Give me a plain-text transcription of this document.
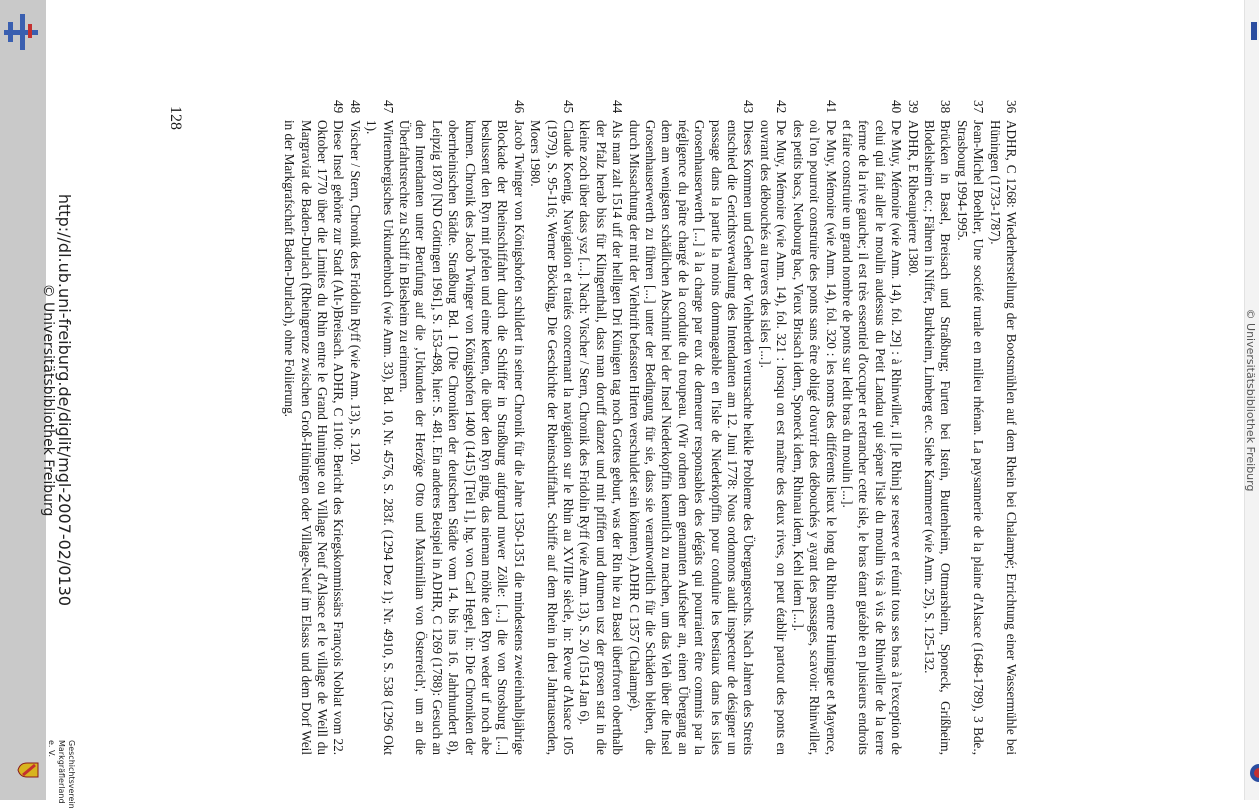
© Universitätsbibliothek Freiburg

36
ADHR, C 1268: Wiederherstellung der Bootsmühlen auf dem Rhein bei Chalampé; Errichtung einer Wassermühle bei Hüningen (1733-1787).

37
Jean-Michel Boehler, Une société rurale en milieu rhénan. La paysannerie de la plaine d'Alsace (1648-1789), 3 Bde., Strasbourg 1994-1995.

38
Brücken in Basel, Breisach und Straßburg; Furten bei Istein, Buttenheim, Ottmarsheim, Sponeck, Grißheim, Blodelsheim etc.; Fähren in Niffer, Burkheim, Limberg etc. Siehe Kammerer (wie Anm. 25), S. 125-132.

39
ADHR, E Ribeaupierre 1380.

40
De Muy, Mémoire (wie Anm. 14), fol. 29] : à Rhinwiller, il [le Rhin] se reserve et réunit tous ses bras à l'exception de celui qui fait aller le moulin audessus du Petit Landau qui sépare l'isle du moulin vis à vis de Rhinwiller de la terre ferme de la rive gauche; il est très essentiel d'occuper et retrancher cette isle, le bras étant guéable en plusieurs endroits et faire construire un grand nombre de ponts sur ledit bras du moulin [...].

41
De Muy, Mémoire (wie Anm. 14), fol. 320 : les noms des différents lieux le long du Rhin entre Huningue et Mayence, où l'on pourroit construire des ponts sans être obligé d'ouvrir des débouchés y ayant des passages, scavoir: Rhinwiller, des petits bacs, Neubourg bac, Vieux Brisach idem, Sponeck idem, Rhinau idem, Kehl idem [...].

42
De Muy, Mémoire (wie Anm. 14), fol. 321 : lorsqu on est maître des deux rives, on peut établir partout des ponts en ouvrant des débouchés au travers des isles [...].

43
Dieses Kommen und Gehen der Viehherden verursachte heikle Probleme des Übergangsrechts. Nach Jahren des Streits entschied die Gerichtsverwaltung des Intendanten am 12. Juni 1778: Nous ordonnons audit inspecteur de désigner un passage dans la partie la moins dommageable en l'isle de Niederkopffin pour conduire les bestiaux dans les isles Grosenhauserwerth [...] à la charge par eux de demeurer responsables des dégâts qui pourraient être commis par la négligence du pâtre chargé de la conduite du troupeau. (Wir ordnen dem genannten Aufseher an, einen Übergang an dem am wenigsten schädlichen Abschnitt bei der Insel Niederkopffin kenntlich zu machen, um das Vieh über die Insel Grosenhauserwerth zu führen [...] unter der Bedingung für sie, dass sie verantwortlich für die Schäden bleiben, die durch Missachtung der mit der Viehtrift befassten Hirten verschuldet sein könnten.) ADHR C 1357 (Chalampé).

44
Als man zalt 1514 uff der helligen Dri Künigen tag noch Gottes geburt, was der Rin hie zu Basel überfroren oberthalb der Pfalz herab biss für Klingenthall, dass man doruff danzet und mit pfiffen und drumen usz der grosen stat in die kleine zoch über dass ysz [...]. Nach: Vischer / Stern, Chronik des Fridolin Ryff (wie Anm. 13), S. 20 (1514 Jan 6).

45
Claude Koenig, Navigation et traités concernant la navigation sur le Rhin au XVIIIe siècle, in: Revue d'Alsace 105 (1979), S. 95-116; Werner Böcking, Die Geschichte der Rheinschiffahrt. Schiffe auf dem Rhein in drei Jahrtausenden, Moers 1980.

46
Jacob Twinger von Königshofen schildert in seiner Chronik für die Jahre 1350-1351 die mindestens zweieinhalbjährige Blockade der Rheinschiffahrt durch die Schiffer in Straßburg aufgrund nuwer Zölle: [...] die von Strosburg [...] beslussent den Ryn mit pfelen und eime ketten, die über den Ryn ging, das nieman möhte den Ryn weder uf noch abe kumen. Chronik des Jacob Twinger von Königshofen 1400 (1415) [Teil 1], hg. von Carl Hegel, in: Die Chroniken der oberrheinischen Städte. Straßburg Bd. 1 (Die Chroniken der deutschen Städte vom 14. bis ins 16. Jahrhundert 8), Leipzig 1870 [ND Göttingen 1961], S. 153-498, hier: S. 481. Ein anderes Beispiel in ADHR, C 1269 (1788): Gesuch an den Intendanten unter Berufung auf die ‚Urkunden der Herzöge Otto und Maximilian von Österreich', um an die Überfahrtsrechte zu Schiff in Biesheim zu erinnern.

47
Wirtembergisches Urkundenbuch (wie Anm. 33), Bd. 10, Nr. 4576, S. 283f. (1294 Dez 1); Nr. 4910, S. 538 (1296 Okt 1).

48
Vischer / Stern, Chronik des Fridolin Ryff (wie Anm. 13), S. 120.

49
Diese Insel gehörte zur Stadt (Alt-)Breisach. ADHR, C 1100: Bericht des Kriegskommissärs François Noblat vom 22. Oktober 1770 über die Limites du Rhin entre le Grand Huningue ou Village Neuf d'Alsace et le village de Weill du Margraviat de Baden-Durlach (Rheingrenze zwischen Groß-Hüningen oder Village-Neuf im Elsass und dem Dorf Weil in der Markgrafschaft Baden-Durlach), ohne Foliierung.

128
http://dl.ub.uni-freiburg.de/diglit/mgl-2007-02/0130
© Universitätsbibliothek Freiburg
Geschichtsverein Markgräflerland e. V.
